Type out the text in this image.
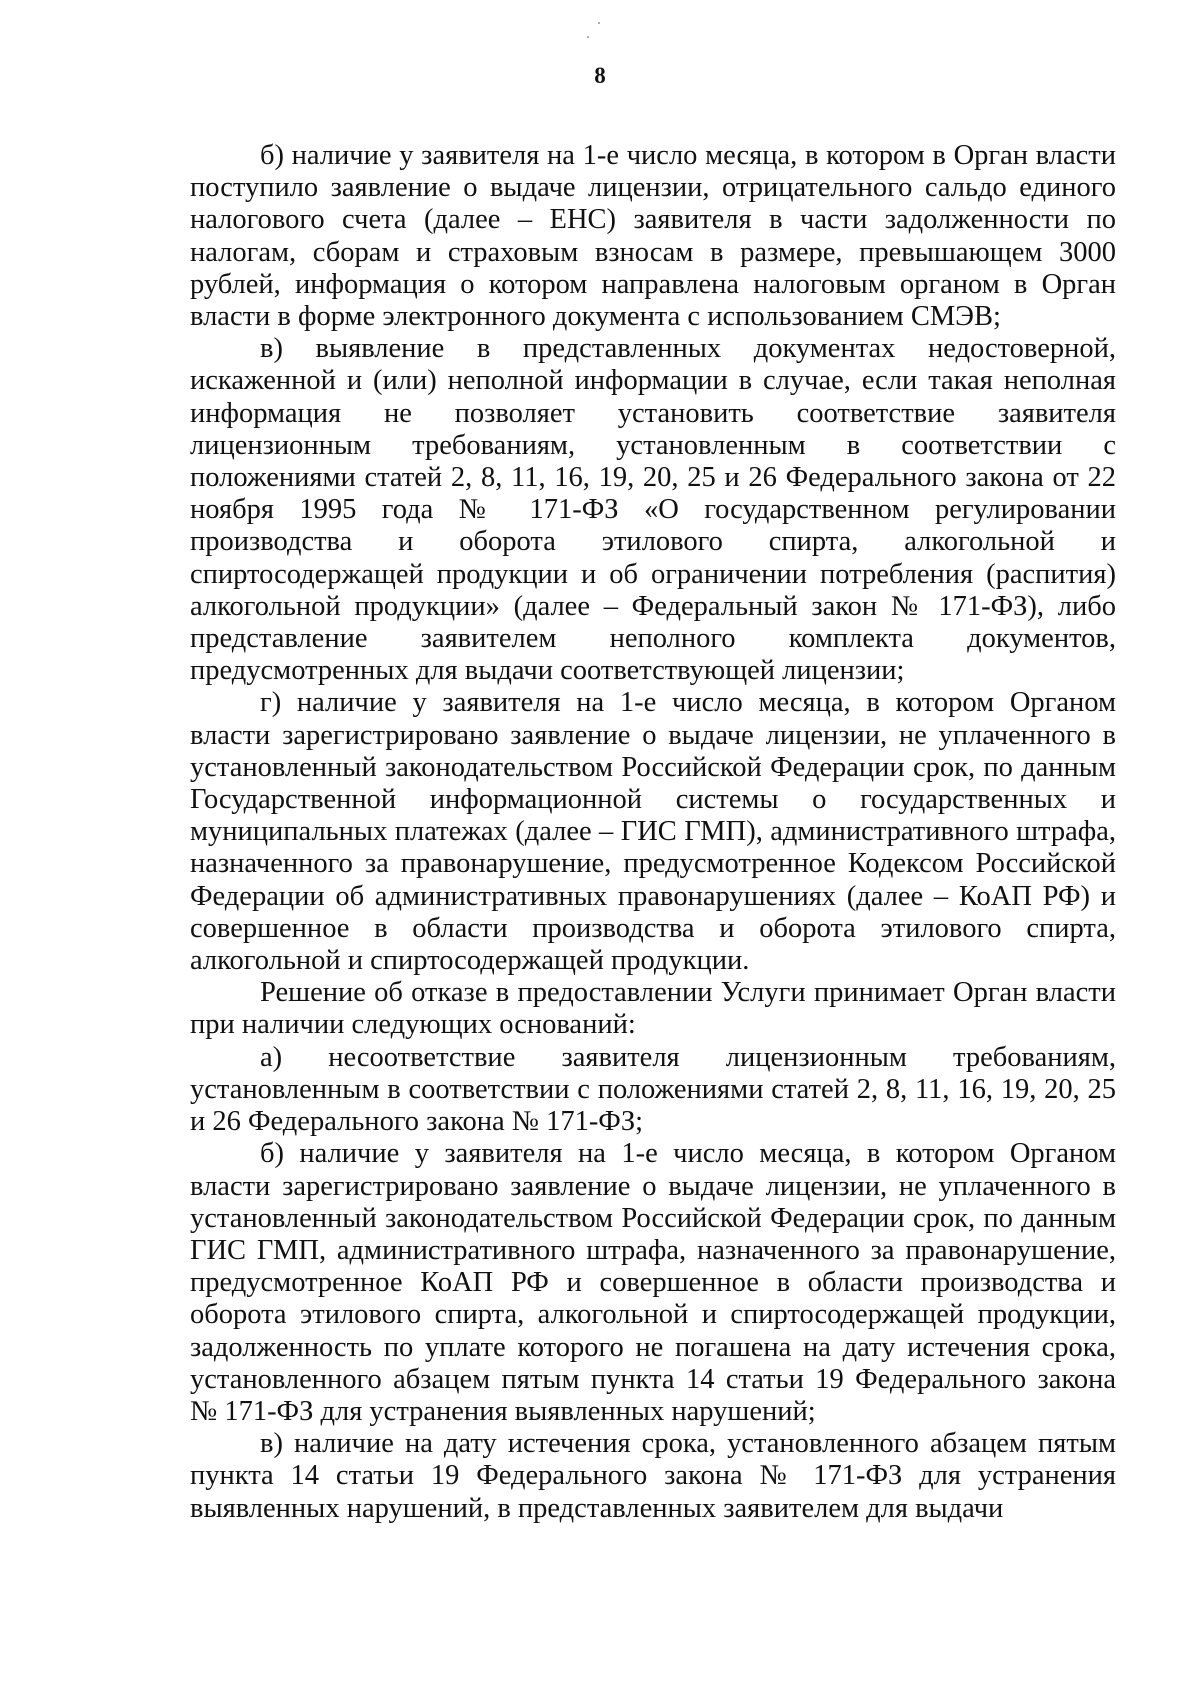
8

б) наличие у заявителя на 1-е число месяца, в котором в Орган власти поступило заявление о выдаче лицензии, отрицательного сальдо единого налогового счета (далее – ЕНС) заявителя в части задолженности по налогам, сборам и страховым взносам в размере, превышающем 3000 рублей, информация о котором направлена налоговым органом в Орган власти в форме электронного документа с использованием СМЭВ;

в) выявление в представленных документах недостоверной, искаженной и (или) неполной информации в случае, если такая неполная информация не позволяет установить соответствие заявителя лицензионным требованиям, установленным в соответствии с положениями статей 2, 8, 11, 16, 19, 20, 25 и 26 Федерального закона от 22 ноября 1995 года № 171-ФЗ «О государственном регулировании производства и оборота этилового спирта, алкогольной и спиртосодержащей продукции и об ограничении потребления (распития) алкогольной продукции» (далее – Федеральный закон № 171-ФЗ), либо представление заявителем неполного комплекта документов, предусмотренных для выдачи соответствующей лицензии;

г) наличие у заявителя на 1-е число месяца, в котором Органом власти зарегистрировано заявление о выдаче лицензии, не уплаченного в установленный законодательством Российской Федерации срок, по данным Государственной информационной системы о государственных и муниципальных платежах (далее – ГИС ГМП), административного штрафа, назначенного за правонарушение, предусмотренное Кодексом Российской Федерации об административных правонарушениях (далее – КоАП РФ) и совершенное в области производства и оборота этилового спирта, алкогольной и спиртосодержащей продукции.

Решение об отказе в предоставлении Услуги принимает Орган власти при наличии следующих оснований:

а) несоответствие заявителя лицензионным требованиям, установленным в соответствии с положениями статей 2, 8, 11, 16, 19, 20, 25 и 26 Федерального закона № 171-ФЗ;

б) наличие у заявителя на 1-е число месяца, в котором Органом власти зарегистрировано заявление о выдаче лицензии, не уплаченного в установленный законодательством Российской Федерации срок, по данным ГИС ГМП, административного штрафа, назначенного за правонарушение, предусмотренное КоАП РФ и совершенное в области производства и оборота этилового спирта, алкогольной и спиртосодержащей продукции, задолженность по уплате которого не погашена на дату истечения срока, установленного абзацем пятым пункта 14 статьи 19 Федерального закона № 171-ФЗ для устранения выявленных нарушений;

в) наличие на дату истечения срока, установленного абзацем пятым пункта 14 статьи 19 Федерального закона № 171-ФЗ для устранения выявленных нарушений, в представленных заявителем для выдачи
